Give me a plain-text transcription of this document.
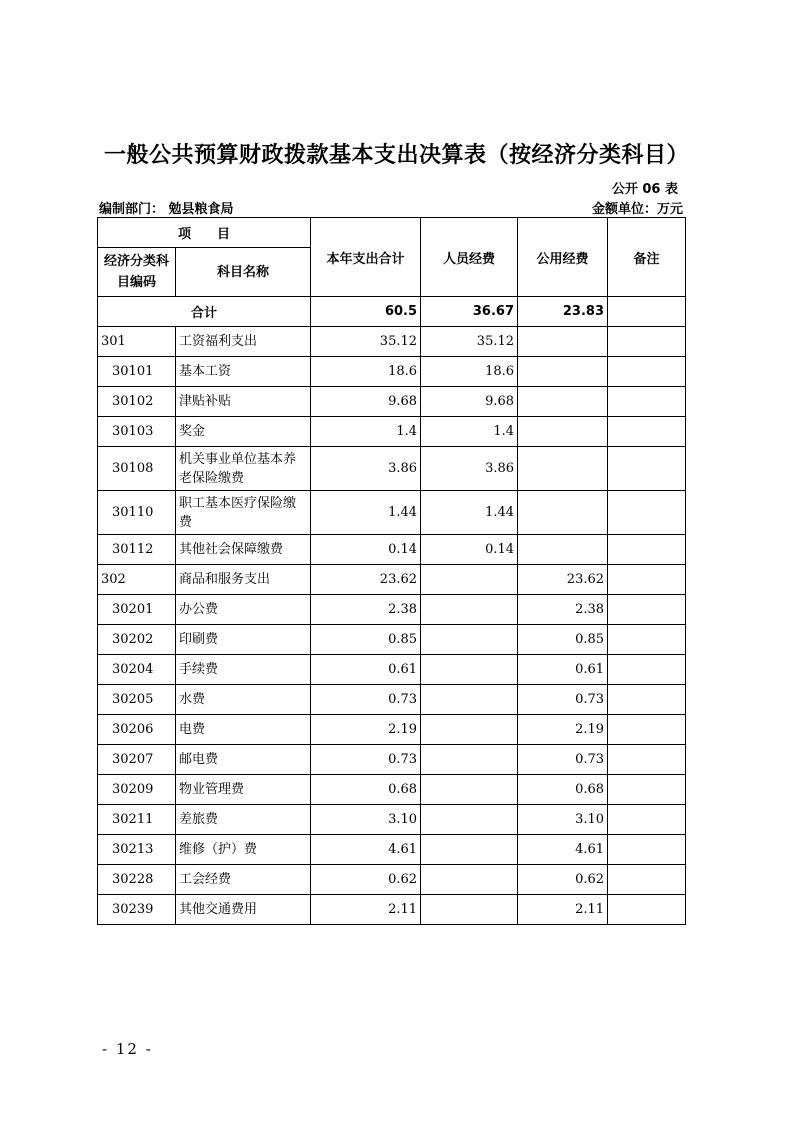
一般公共预算财政拨款基本支出决算表（按经济分类科目）
公开 06 表
编制部门： 勉县粮食局	金额单位：万元
项　　目		本年支出合计	人员经费	公用经费	备注
经济分类科目编码	科目名称				
合计		60.5	36.67	23.83	
301	工资福利支出	35.12	35.12		
30101	基本工资	18.6	18.6		
30102	津贴补贴	9.68	9.68		
30103	奖金	1.4	1.4		
30108	机关事业单位基本养老保险缴费	3.86	3.86		
30110	职工基本医疗保险缴费	1.44	1.44		
30112	其他社会保障缴费	0.14	0.14		
302	商品和服务支出	23.62		23.62	
30201	办公费	2.38		2.38	
30202	印刷费	0.85		0.85	
30204	手续费	0.61		0.61	
30205	水费	0.73		0.73	
30206	电费	2.19		2.19	
30207	邮电费	0.73		0.73	
30209	物业管理费	0.68		0.68	
30211	差旅费	3.10		3.10	
30213	维修（护）费	4.61		4.61	
30228	工会经费	0.62		0.62	
30239	其他交通费用	2.11		2.11	
- 12 -
